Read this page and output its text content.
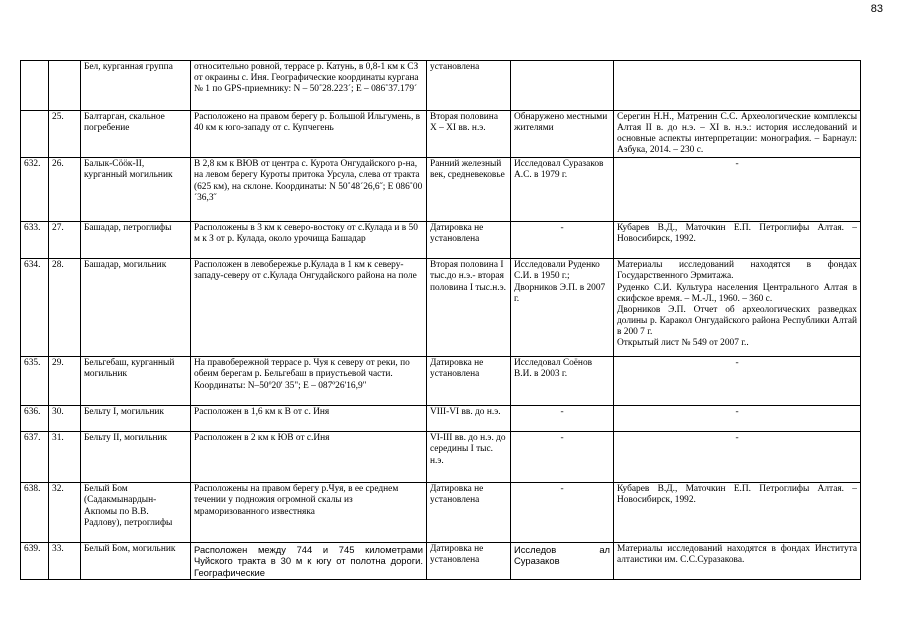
83
		Бел, курганная группа	относительно ровной, террасе р. Катунь, в 0,8-1 км к СЗ от окраины с. Иня. Географические координаты кургана № 1 по GPS-приемнику: N – 50˚28.223´; E – 086˚37.179´	установлена		
	25.	Балтарган, скальное погребение	Расположено на правом берегу р. Большой Ильгумень, в 40 км к юго-западу от с. Купчегень	Вторая половина X – XI вв. н.э.	Обнаружено местными жителями	Серегин Н.Н., Матренин С.С. Археологические комплексы Алтая II в. до н.э. – XI в. н.э.: история исследований и основные аспекты интерпретации: монография. – Барнаул: Азбука, 2014. – 230 с.
632.	26.	Балык-Сӧӧк-II, курганный могильник	В 2,8 км к ВЮВ от центра с. Курота Онгудайского р-на, на левом берегу Куроты притока Урсула, слева от тракта (625 км), на склоне. Координаты: N 50˚48´26,6˝; E 086˚00´36,3˝	Ранний железный век, средневековье	Исследовал Суразаков А.С. в 1979 г.	-
633.	27.	Башадар, петроглифы	Расположены в 3 км к северо-востоку от с.Кулада и в 50 м к З от р. Кулада, около урочища Башадар	Датировка не установлена	-	Кубарев В.Д., Маточкин Е.П. Петроглифы Алтая. – Новосибирск, 1992.
634.	28.	Башадар, могильник	Расположен в левобережье р.Кулада в 1 км к северу-западу-северу от с.Кулада Онгудайского района на поле	Вторая половина I тыс.до н.э.- вторая половина I тыс.н.э.	Исследовали Руденко С.И. в 1950 г.; Дворников Э.П. в 2007 г.	Материалы исследований находятся в фондах Государственного Эрмитажа.
Руденко С.И. Культура населения Центрального Алтая в скифское время. – М.-Л., 1960. – 360 с.
Дворников Э.П. Отчет об археологических разведках долины р. Каракол Онгудайского района Республики Алтай в 200 7 г.
Открытый лист № 549 от 2007 г..
635.	29.	Бельгебаш, курганный могильник	На правобережной террасе р. Чуя к северу от реки, по обеим берегам р. Бельгебаш в приустьевой части. Координаты: N–50º20' 35"; E – 087º26'16,9"	Датировка не установлена	Исследовал Соёнов В.И. в 2003 г.	-
636.	30.	Бельту I, могильник	Расположен в 1,6 км к В от с. Иня	VIII-VI вв. до н.э.	-	-
637.	31.	Бельту II, могильник	Расположен в 2 км к ЮВ от с.Иня	VI-III вв. до н.э. до середины I тыс. н.э.	-	-
638.	32.	Белый Бом (Садакмынардын-Акпомы по В.В. Радлову), петроглифы	Расположены на правом берегу р.Чуя, в ее среднем течении у подножия огромной скалы из мраморизованного известняка	Датировка не установлена	-	Кубарев В.Д., Маточкин Е.П. Петроглифы Алтая. – Новосибирск, 1992.
639.	33.	Белый Бом, могильник	Расположен между 744 и 745 километрами Чуйского тракта в 30 м к югу от полотна дороги. Географические	Датировка не установлена	Исследов ал Суразаков	Материалы исследований находятся в фондах Института алтаистики им. С.С.Суразакова.
